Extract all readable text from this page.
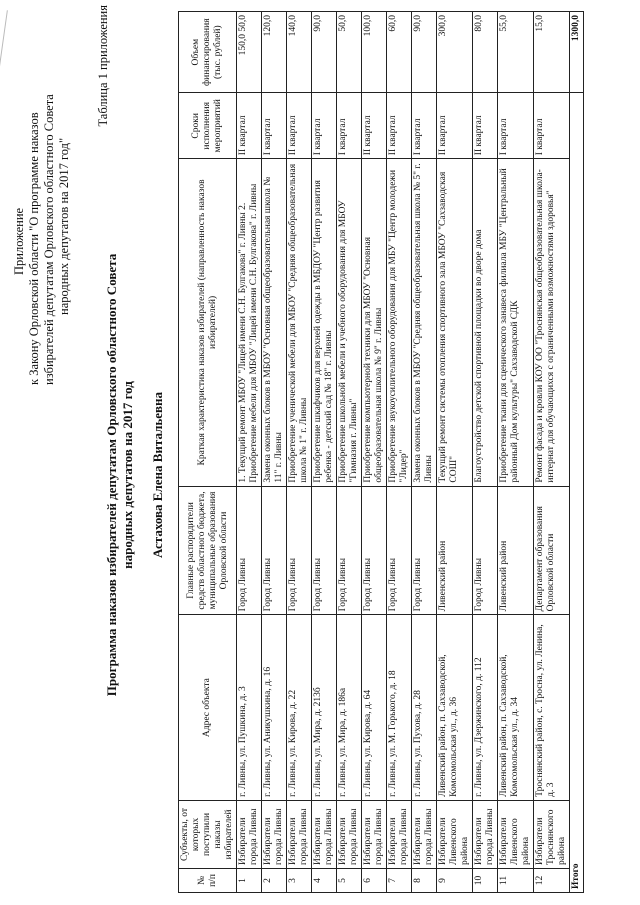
Приложение к Закону Орловской области "О программе наказов избирателей депутатам Орловского областного Совета народных депутатов на 2017 год"
Таблица 1 приложения
Программа наказов избирателей депутатам Орловского областного Совета народных депутатов на 2017 год Астахова Елена Витальевна
№ п/п	Субъекты, от которых поступили наказы избирателей	Адрес объекта	Главные распорядители средств областного бюджета, муниципальные образования Орловской области	Краткая характеристика наказов избирателей (направленность наказов избирателей)	Сроки исполнения мероприятий	Объем финансирования (тыс. рублей)
1	Избиратели города Ливны	г. Ливны, ул. Пушкина, д. 3	Город Ливны	1. Текущий ремонт МБОУ "Лицей имени С.Н. Булгакова" г. Ливны 2. Приобретение мебели для МБОУ "Лицей имени С.Н. Булгакова" г. Ливны	II квартал	150,0 50,0
2	Избиратели города Ливны	г. Ливны, ул. Аникушкина, д. 16	Город Ливны	Замена оконных блоков в МБОУ "Основная общеобразовательная школа № 11" г. Ливны	I квартал	120,0
3	Избиратели города Ливны	г. Ливны, ул. Кирова, д. 22	Город Ливны	Приобретение ученической мебели для МБОУ "Средняя общеобразовательная школа № 1" г. Ливны	II квартал	140,0
4	Избиратели города Ливны	г. Ливны, ул. Мира, д. 213б	Город Ливны	Приобретение шкафчиков для верхней одежды в МБДОУ "Центр развития ребенка - детский сад № 18" г. Ливны	I квартал	90,0
5	Избиратели города Ливны	г. Ливны, ул. Мира, д. 186а	Город Ливны	Приобретение школьной мебели и учебного оборудования для МБОУ "Гимназия г. Ливны"	I квартал	50,0
6	Избиратели города Ливны	г. Ливны, ул. Кирова, д. 64	Город Ливны	Приобретение компьютерной техники для МБОУ "Основная общеобразовательная школа № 9" г. Ливны	II квартал	100,0
7	Избиратели города Ливны	г. Ливны, ул. М. Горького, д. 18	Город Ливны	Приобретение звукоусилительного оборудования для МБУ "Центр молодежи "Лидер"	II квартал	60,0
8	Избиратели города Ливны	г. Ливны, ул. Пухова, д. 28	Город Ливны	Замена оконных блоков в МБОУ "Средняя общеобразовательная школа № 5" г. Ливны	I квартал	90,0
9	Избиратели Ливенского района	Ливенский район, п. Сахзаводской, Комсомольская ул., д. 36	Ливенский район	Текущий ремонт системы отопления спортивного зала МБОУ "Сахзаводская СОШ"	II квартал	300,0
10	Избиратели города Ливны	г. Ливны, ул. Дзержинского, д. 112	Город Ливны	Благоустройство детской спортивной площадки во дворе дома	II квартал	80,0
11	Избиратели Ливенского района	Ливенский район, п. Сахзаводской, Комсомольская ул., д. 34	Ливенский район	Приобретение ткани для сценического занавеса филиала МБУ "Центральный районный Дом культуры" Сахзаводской СДК	I квартал	55,0
12	Избиратели Троснянского района	Троснянский район, с. Тросна, ул. Ленина, д. 3	Департамент образования Орловской области	Ремонт фасада и кровли КОУ ОО "Троснянская общеобразовательная школа-интернат для обучающихся с ограниченными возможностями здоровья"	I квартал	15,0
Итого						1300,0
